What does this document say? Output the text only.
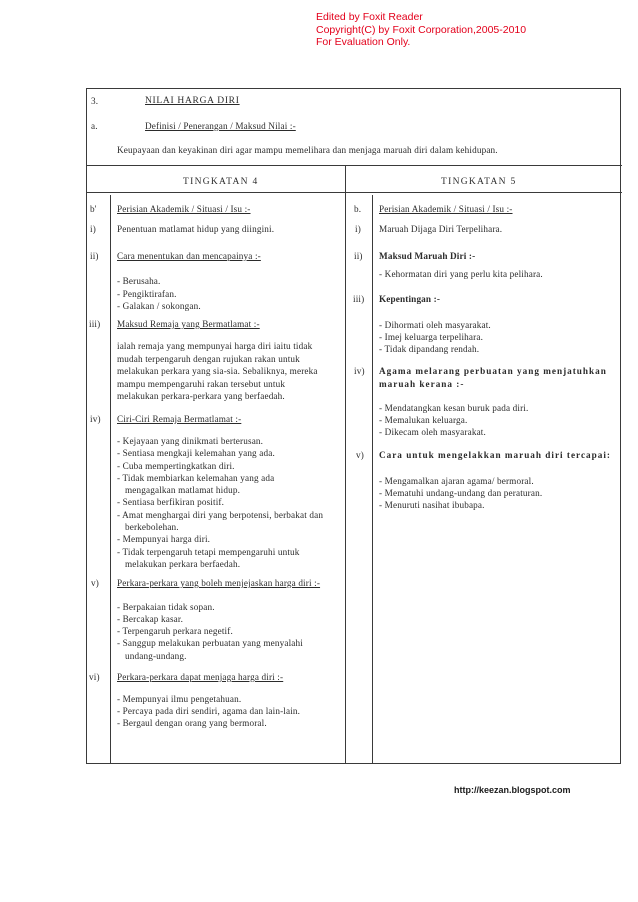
Edited by Foxit Reader
Copyright(C) by Foxit Corporation,2005-2010
For Evaluation Only.
3.	NILAI HARGA DIRI
a.	Definisi / Penerangan / Maksud Nilai :-
Keupayaan dan keyakinan diri agar mampu memelihara dan menjaga maruah diri dalam kehidupan.
TINGKATAN 4	TINGKATAN 5
b' Perisian Akademik / Situasi / Isu :-
i) Penentuan matlamat hidup yang diingini.
ii) Cara menentukan dan mencapainya :-
- Berusaha.
- Pengiktirafan.
- Galakan / sokongan.
iii) Maksud Remaja yang Bermatlamat :-
ialah remaja yang mempunyai harga diri iaitu tidak
mudah terpengaruh dengan rujukan rakan untuk
melakukan perkara yang sia-sia. Sebaliknya, mereka
mampu mempengaruhi rakan tersebut untuk
melakukan perkara-perkara yang berfaedah.
iv) Ciri-Ciri Remaja Bermatlamat :-
- Kejayaan yang dinikmati berterusan.
- Sentiasa mengkaji kelemahan yang ada.
- Cuba mempertingkatkan diri.
- Tidak membiarkan kelemahan yang ada
mengagalkan matlamat hidup.
- Sentiasa berfikiran positif.
- Amat menghargai diri yang berpotensi, berbakat dan
berkebolehan.
- Mempunyai harga diri.
- Tidak terpengaruh tetapi mempengaruhi untuk
melakukan perkara berfaedah.
v) Perkara-perkara yang boleh menjejaskan harga diri :-
- Berpakaian tidak sopan.
- Bercakap kasar.
- Terpengaruh perkara negetif.
- Sanggup melakukan perbuatan yang menyalahi
undang-undang.
vi) Perkara-perkara dapat menjaga harga diri :-
- Mempunyai ilmu pengetahuan.
- Percaya pada diri sendiri, agama dan lain-lain.
- Bergaul dengan orang yang bermoral.
b. Perisian Akademik / Situasi / Isu :-
i) Maruah Dijaga Diri Terpelihara.
ii) Maksud Maruah Diri :-
- Kehormatan diri yang perlu kita pelihara.
iii) Kepentingan :-
- Dihormati oleh masyarakat.
- Imej keluarga terpelihara.
- Tidak dipandang rendah.
iv) Agama melarang perbuatan yang menjatuhkan
maruah kerana :-
- Mendatangkan kesan buruk pada diri.
- Memalukan keluarga.
- Dikecam oleh masyarakat.
v) Cara untuk mengelakkan maruah diri tercapai:
- Mengamalkan ajaran agama/ bermoral.
- Mematuhi undang-undang dan peraturan.
- Menuruti nasihat ibubapa.
http://keezan.blogspot.com
